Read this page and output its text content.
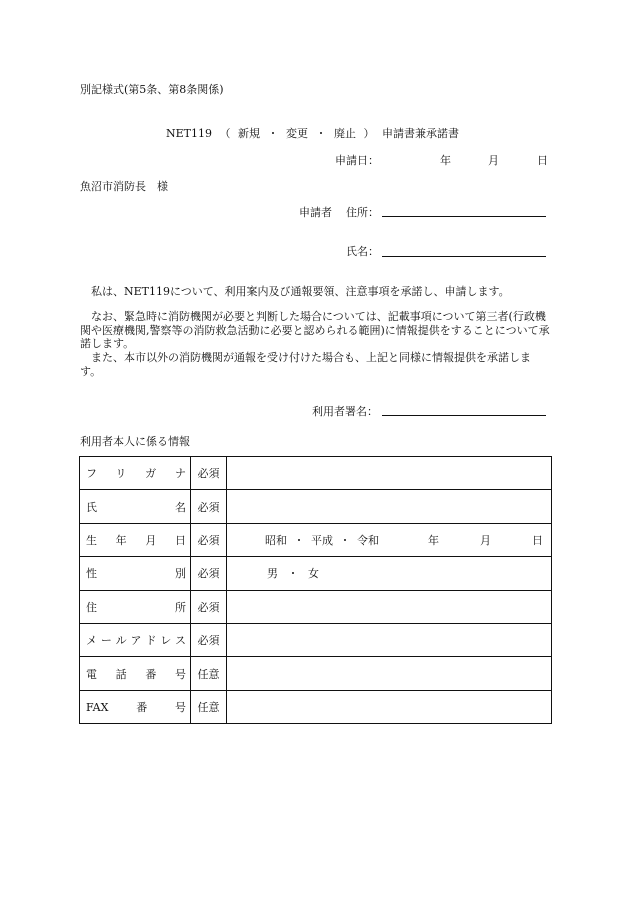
別記様式(第5条、第8条関係)
NET119 （ 新規 ・ 変更 ・ 廃止 ） 申請書兼承諾書
申請日：	年	月	日
魚沼市消防長　様
申請者 住所：
氏名：
私は、NET119について、利用案内及び通報要領、注意事項を承諾し、申請します。
なお、緊急時に消防機関が必要と判断した場合については、記載事項について第三者(行政機関や医療機関,警察等の消防救急活動に必要と認められる範囲)に情報提供をすることについて承諾します。
また、本市以外の消防機関が通報を受け付けた場合も、上記と同様に情報提供を承諾します。
利用者署名：
利用者本人に係る情報
フリガナ	必須	
氏名	必須	
生年月日	必須	昭和 ・ 平成 ・ 令和 年 月 日

性別	必須	男 ・ 女
住所	必須	
メールアドレス	必須	
電話番号	任意	
FAX番号	任意	
